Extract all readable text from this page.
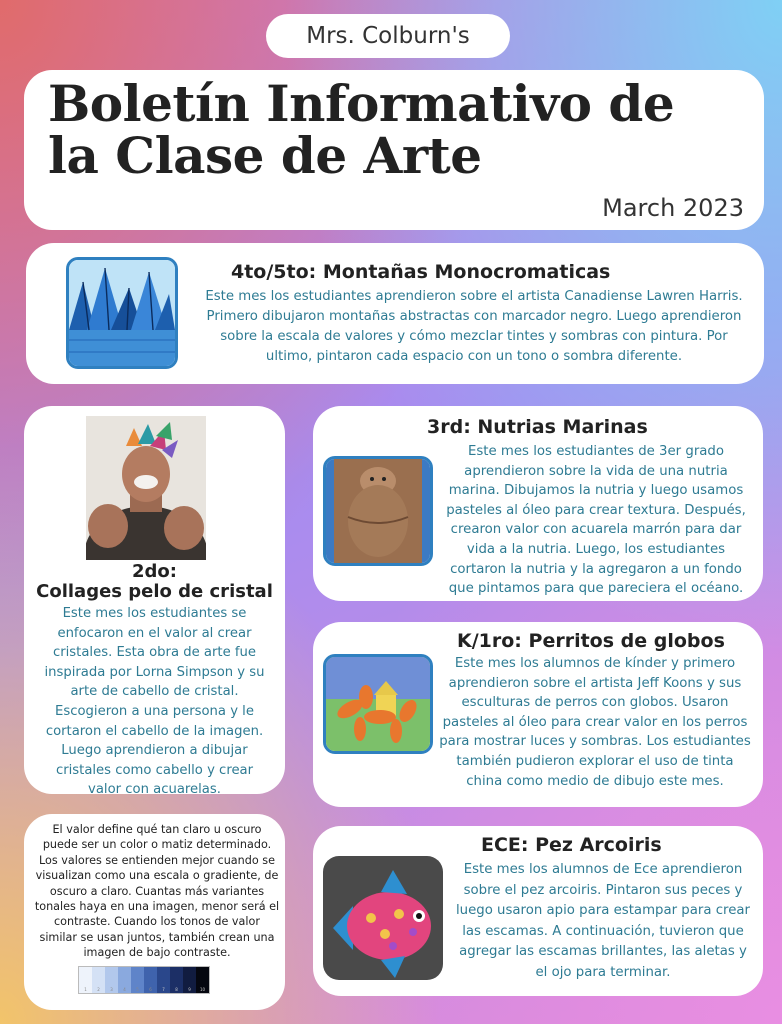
Mrs. Colburn's
Boletín Informativo de
la Clase de Arte
March 2023
4to/5to: Montañas Monocromaticas

Este mes los estudiantes aprendieron sobre el artista Canadiense Lawren Harris. Primero dibujaron montañas abstractas con marcador negro. Luego aprendieron sobre la escala de valores y cómo mezclar tintes y sombras con pintura. Por ultimo, pintaron cada espacio con un tono o sombra diferente.

2do:
Collages pelo de cristal

Este mes los estudiantes se enfocaron en el valor al crear cristales. Esta obra de arte fue inspirada por Lorna Simpson y su arte de cabello de cristal. Escogieron a una persona y le cortaron el cabello de la imagen. Luego aprendieron a dibujar cristales como cabello y crear valor con acuarelas.

3rd: Nutrias Marinas

Este mes los estudiantes de 3er grado aprendieron sobre la vida de una nutria marina. Dibujamos la nutria y luego usamos pasteles al óleo para crear textura. Después, crearon valor con acuarela marrón para dar vida a la nutria. Luego, los estudiantes cortaron la nutria y la agregaron a un fondo que pintamos para que pareciera el océano.

K/1ro: Perritos de globos

Este mes los alumnos de kínder y primero aprendieron sobre el artista Jeff Koons y sus esculturas de perros con globos. Usaron pasteles al óleo para crear valor en los perros para mostrar luces y sombras. Los estudiantes también pudieron explorar el uso de tinta china como medio de dibujo este mes.

El valor define qué tan claro u oscuro puede ser un color o matiz determinado. Los valores se entienden mejor cuando se visualizan como una escala o gradiente, de oscuro a claro. Cuantas más variantes tonales haya en una imagen, menor será el contraste. Cuando los tonos de valor similar se usan juntos, también crean una imagen de bajo contraste.

1	2	3	4	5	6	7	8	9	10
ECE: Pez Arcoiris

Este mes los alumnos de Ece aprendieron sobre el pez arcoiris. Pintaron sus peces y luego usaron apio para estampar para crear las escamas. A continuación, tuvieron que agregar las escamas brillantes, las aletas y el ojo para terminar.
